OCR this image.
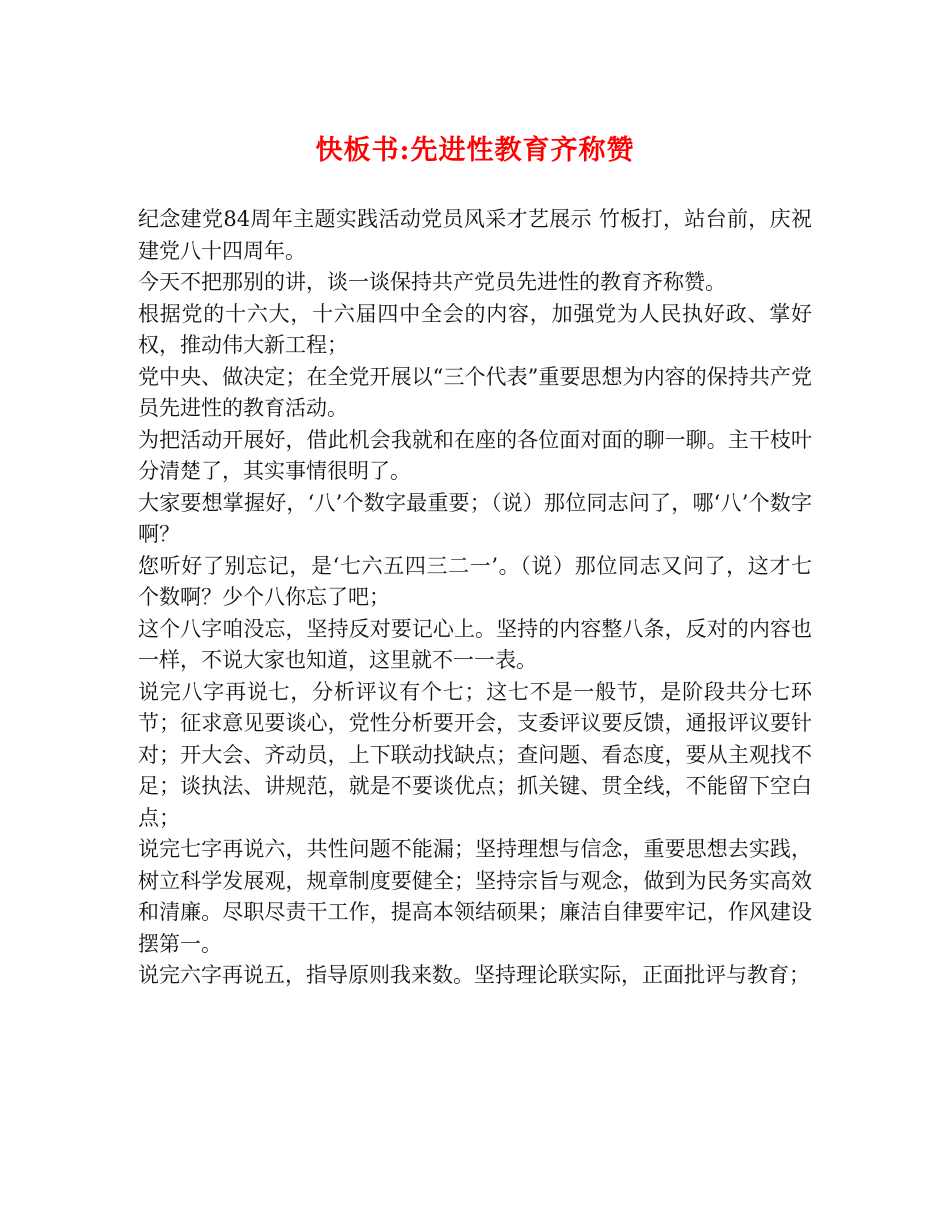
快板书:先进性教育齐称赞

纪念建党84周年主题实践活动党员风采才艺展示 竹板打，站台前，庆祝建党八十四周年。

今天不把那别的讲，谈一谈保持共产党员先进性的教育齐称赞。

根据党的十六大，十六届四中全会的内容，加强党为人民执好政、掌好权，推动伟大新工程；

党中央、做决定；在全党开展以“三个代表”重要思想为内容的保持共产党员先进性的教育活动。

为把活动开展好，借此机会我就和在座的各位面对面的聊一聊。主干枝叶分清楚了，其实事情很明了。

大家要想掌握好，‘八’个数字最重要；（说）那位同志问了，哪‘八’个数字啊？

您听好了别忘记，是‘七六五四三二一’。（说）那位同志又问了，这才七个数啊？少个八你忘了吧；

这个八字咱没忘，坚持反对要记心上。坚持的内容整八条，反对的内容也一样，不说大家也知道，这里就不一一表。

说完八字再说七，分析评议有个七；这七不是一般节，是阶段共分七环节；征求意见要谈心，党性分析要开会，支委评议要反馈，通报评议要针对；开大会、齐动员，上下联动找缺点；查问题、看态度，要从主观找不足；谈执法、讲规范，就是不要谈优点；抓关键、贯全线，不能留下空白点；

说完七字再说六，共性问题不能漏；坚持理想与信念，重要思想去实践，树立科学发展观，规章制度要健全；坚持宗旨与观念，做到为民务实高效和清廉。尽职尽责干工作，提高本领结硕果；廉洁自律要牢记，作风建设摆第一。

说完六字再说五，指导原则我来数。坚持理论联实际，正面批评与教育；
